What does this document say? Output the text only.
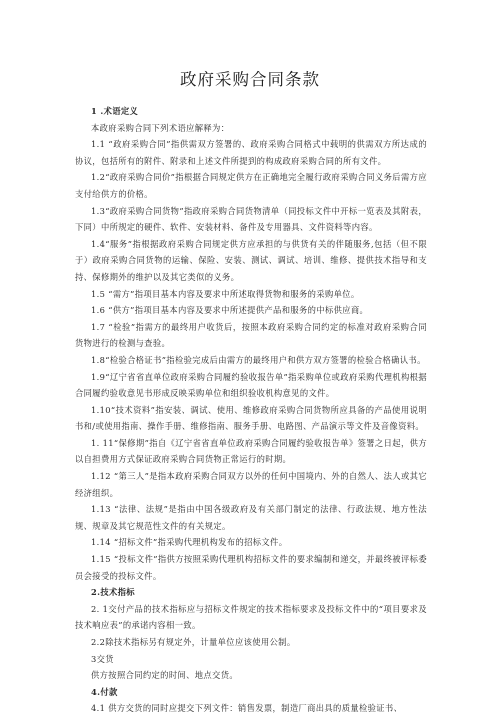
政府采购合同条款

1 .术语定义

本政府采购合同下列术语应解释为：

1.1 “政府采购合同”指供需双方签署的、政府采购合同格式中载明的供需双方所达成的协议，包括所有的附件、附录和上述文件所提到的构成政府采购合同的所有文件。

1.2“政府采购合同价”指根据合同规定供方在正确地完全履行政府采购合同义务后需方应支付给供方的价格。

1.3“政府采购合同货物”指政府采购合同货物清单（同投标文件中开标一览表及其附表，下同）中所规定的硬件、软件、安装材料、备件及专用器具、文件资料等内容。

1.4“服务”指根据政府采购合同规定供方应承担的与供货有关的伴随服务,包括（但不限于）政府采购合同货物的运输、保险、安装、测试、调试、培训、维修、提供技术指导和支持、保修期外的维护以及其它类似的义务。

1.5 “需方”指项目基本内容及要求中所述取得货物和服务的采购单位。

1.6 “供方”指项目基本内容及要求中所述提供产品和服务的中标供应商。

1.7 “检验”指需方的最终用户收货后，按照本政府采购合同约定的标准对政府采购合同货物进行的检测与查验。

1.8“检验合格证书”指检验完成后由需方的最终用户和供方双方签署的检验合格确认书。

1.9“辽宁省省直单位政府采购合同履约验收报告单”指采购单位或政府采购代理机构根据合同履约验收意见书形成反映采购单位和组织验收机构意见的文件。

1.10“技术资料”指安装、调试、使用、维修政府采购合同货物所应具备的产品使用说明书和/或使用指南、操作手册、维修指南、服务手册、电路图、产品演示等文件及音像资料。

1. 11“保修期”指自《辽宁省省直单位政府采购合同履约验收报告单》签署之日起，供方以自担费用方式保证政府采购合同货物正常运行的时期。

1.12 “第三人”是指本政府采购合同双方以外的任何中国境内、外的自然人、法人或其它经济组织。

1.13 “法律、法规”是指由中国各级政府及有关部门制定的法律、行政法规、地方性法规、规章及其它规范性文件的有关规定。

1.14 “招标文件”指采购代理机构发布的招标文件。

1.15 “投标文件”指供方按照采购代理机构招标文件的要求编制和递交，并最终被评标委员会接受的投标文件。

2.技术指标

2. 1交付产品的技术指标应与招标文件规定的技术指标要求及投标文件中的“项目要求及技术响应表”的承诺内容相一致。

2.2除技术指标另有规定外，计量单位应该使用公制。

3交货

供方按照合同约定的时间、地点交货。

4.付款

4.1 供方交货的同时应提交下列文件：销售发票，制造厂商出具的质量检验证书、
